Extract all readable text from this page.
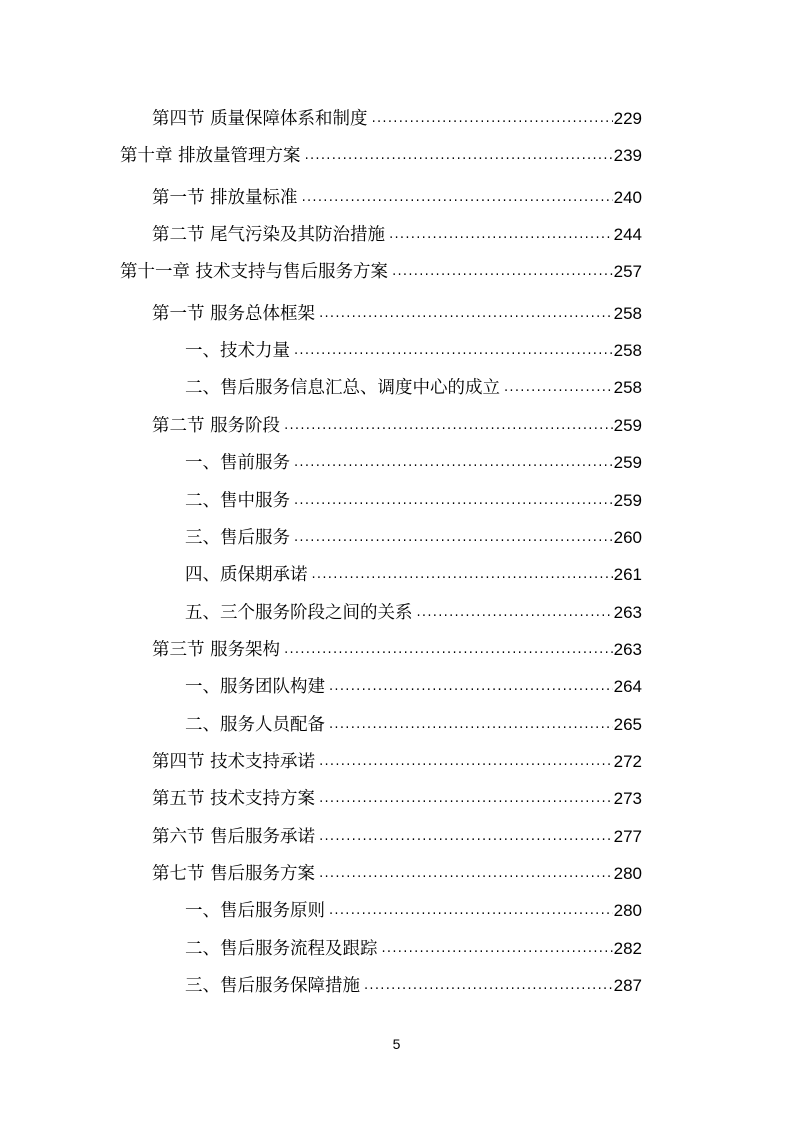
第四节 质量保障体系和制度 .....	229
第十章 排放量管理方案 .....	239
第一节 排放量标准 .....	240
第二节 尾气污染及其防治措施 .....	244
第十一章 技术支持与售后服务方案 .....	257
第一节 服务总体框架 .....	258
一、技术力量 .....	258
二、售后服务信息汇总、调度中心的成立 .....	258
第二节 服务阶段 .....	259
一、售前服务 .....	259
二、售中服务 .....	259
三、售后服务 .....	260
四、质保期承诺 .....	261
五、三个服务阶段之间的关系 .....	263
第三节 服务架构 .....	263
一、服务团队构建 .....	264
二、服务人员配备 .....	265
第四节 技术支持承诺 .....	272
第五节 技术支持方案 .....	273
第六节 售后服务承诺 .....	277
第七节 售后服务方案 .....	280
一、售后服务原则 .....	280
二、售后服务流程及跟踪 .....	282
三、售后服务保障措施 .....	287
5
